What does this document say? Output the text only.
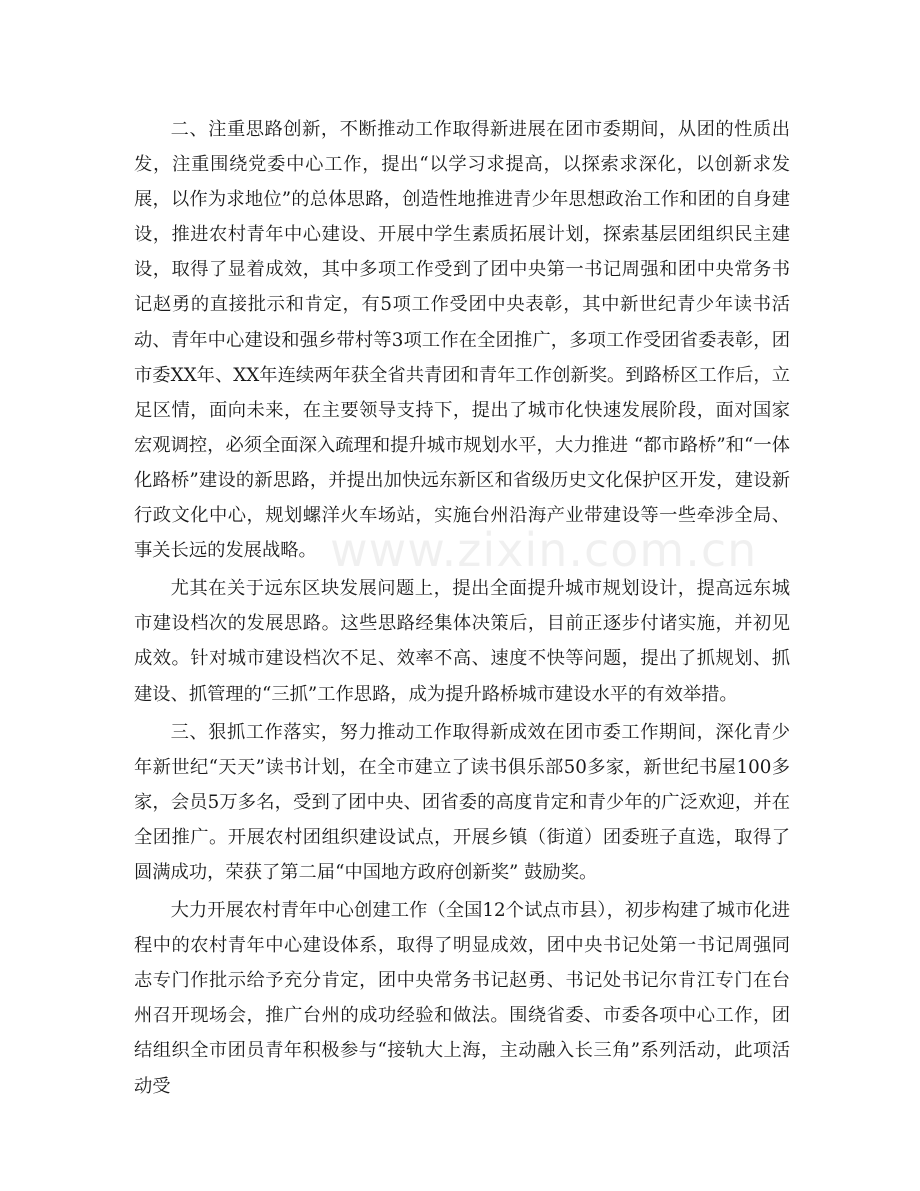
二、注重思路创新，不断推动工作取得新进展在团市委期间，从团的性质出发，注重围绕党委中心工作，提出“以学习求提高，以探索求深化，以创新求发展，以作为求地位”的总体思路，创造性地推进青少年思想政治工作和团的自身建设，推进农村青年中心建设、开展中学生素质拓展计划，探索基层团组织民主建设，取得了显着成效，其中多项工作受到了团中央第一书记周强和团中央常务书记赵勇的直接批示和肯定，有5项工作受团中央表彰，其中新世纪青少年读书活动、青年中心建设和强乡带村等3项工作在全团推广，多项工作受团省委表彰，团市委XX年、XX年连续两年获全省共青团和青年工作创新奖。到路桥区工作后，立足区情，面向未来，在主要领导支持下，提出了城市化快速发展阶段，面对国家宏观调控，必须全面深入疏理和提升城市规划水平，大力推进 “都市路桥”和“一体化路桥”建设的新思路，并提出加快远东新区和省级历史文化保护区开发，建设新行政文化中心，规划螺洋火车场站，实施台州沿海产业带建设等一些牵涉全局、事关长远的发展战略。

尤其在关于远东区块发展问题上，提出全面提升城市规划设计，提高远东城市建设档次的发展思路。这些思路经集体决策后，目前正逐步付诸实施，并初见成效。针对城市建设档次不足、效率不高、速度不快等问题，提出了抓规划、抓建设、抓管理的“三抓”工作思路，成为提升路桥城市建设水平的有效举措。

三、狠抓工作落实，努力推动工作取得新成效在团市委工作期间，深化青少年新世纪“天天”读书计划，在全市建立了读书俱乐部50多家，新世纪书屋100多家，会员5万多名，受到了团中央、团省委的高度肯定和青少年的广泛欢迎，并在全团推广。开展农村团组织建设试点，开展乡镇（街道）团委班子直选，取得了圆满成功，荣获了第二届“中国地方政府创新奖” 鼓励奖。

大力开展农村青年中心创建工作（全国12个试点市县），初步构建了城市化进程中的农村青年中心建设体系，取得了明显成效，团中央书记处第一书记周强同志专门作批示给予充分肯定，团中央常务书记赵勇、书记处书记尔肯江专门在台州召开现场会，推广台州的成功经验和做法。围绕省委、市委各项中心工作，团结组织全市团员青年积极参与“接轨大上海，主动融入长三角”系列活动，此项活动受

www.zixin.com.cn
